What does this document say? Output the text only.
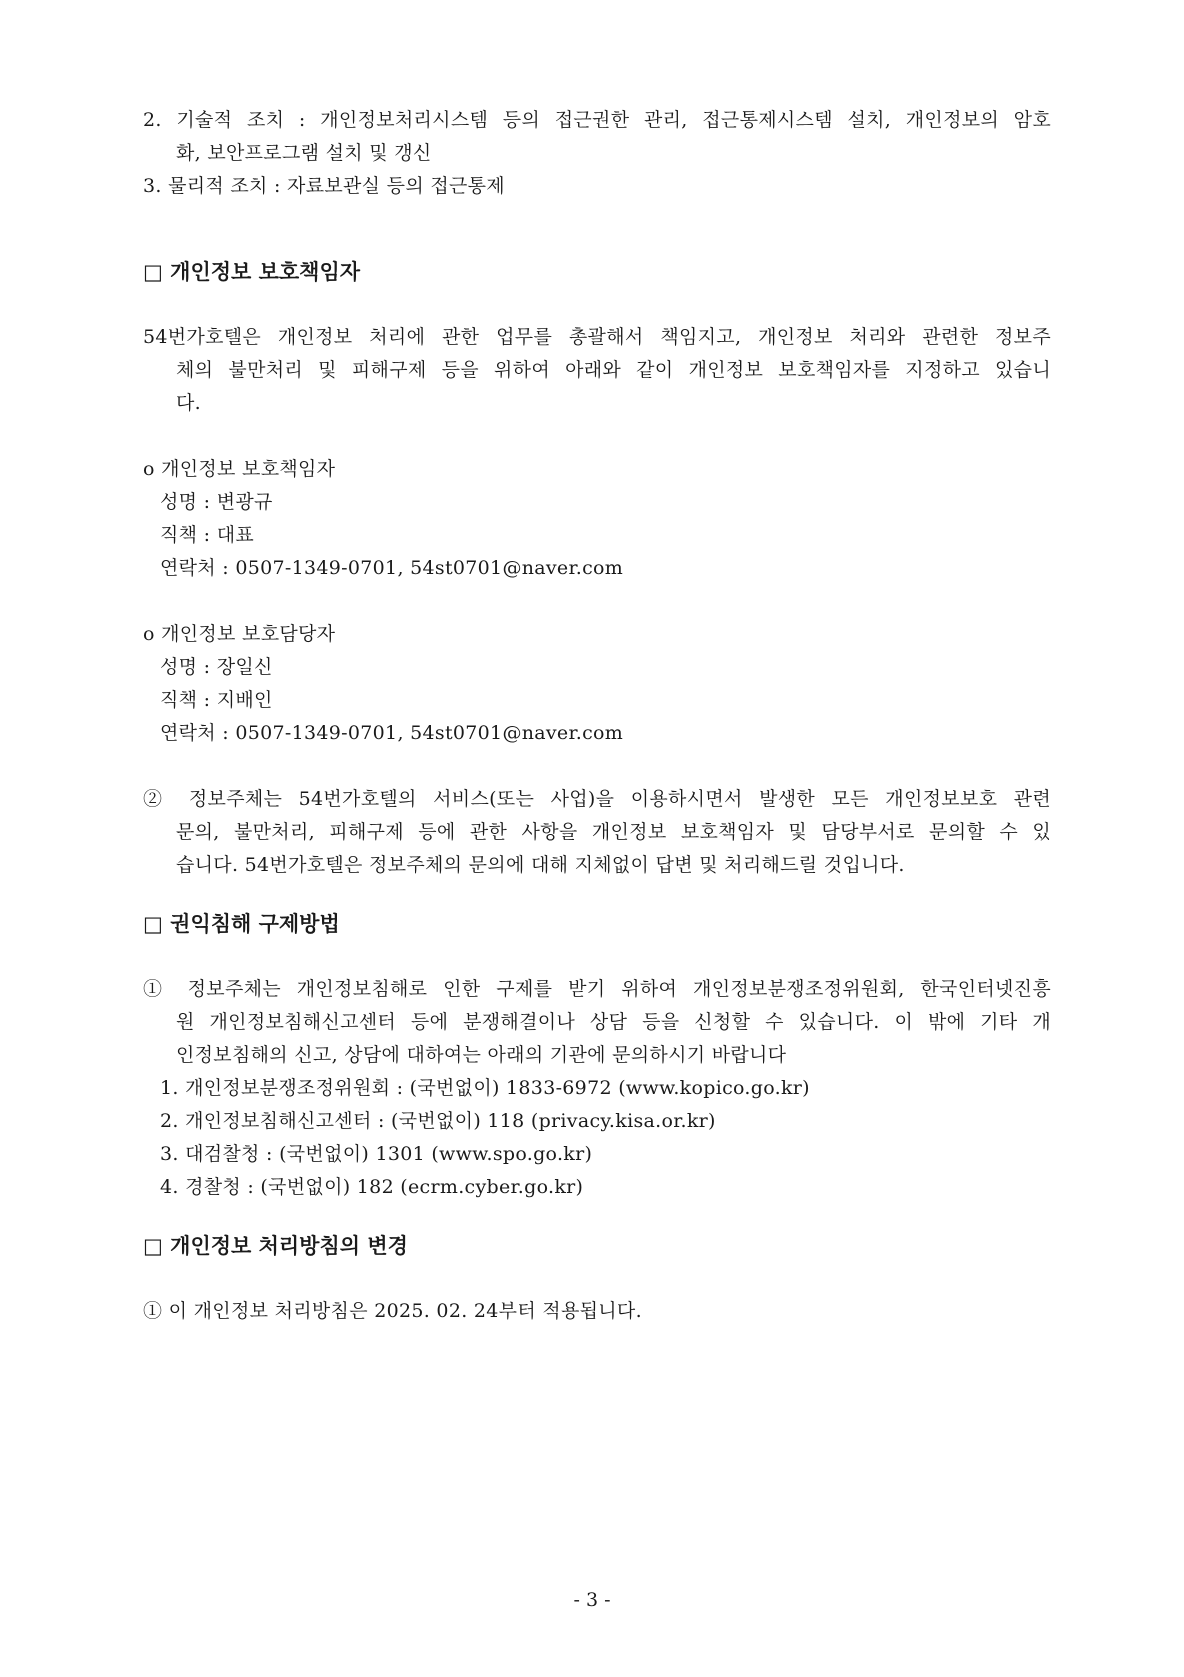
2. 기술적 조치 : 개인정보처리시스템 등의 접근권한 관리, 접근통제시스템 설치, 개인정보의 암호
화, 보안프로그램 설치 및 갱신
3. 물리적 조치 : 자료보관실 등의 접근통제
□ 개인정보 보호책임자
54번가호텔은 개인정보 처리에 관한 업무를 총괄해서 책임지고, 개인정보 처리와 관련한 정보주
체의 불만처리 및 피해구제 등을 위하여 아래와 같이 개인정보 보호책임자를 지정하고 있습니
다.
o 개인정보 보호책임자
성명 : 변광규
직책 : 대표
연락처 : 0507-1349-0701, 54st0701@naver.com
o 개인정보 보호담당자
성명 : 장일신
직책 : 지배인
연락처 : 0507-1349-0701, 54st0701@naver.com
② 정보주체는 54번가호텔의 서비스(또는 사업)을 이용하시면서 발생한 모든 개인정보보호 관련
문의, 불만처리, 피해구제 등에 관한 사항을 개인정보 보호책임자 및 담당부서로 문의할 수 있
습니다. 54번가호텔은 정보주체의 문의에 대해 지체없이 답변 및 처리해드릴 것입니다.
□ 권익침해 구제방법
① 정보주체는 개인정보침해로 인한 구제를 받기 위하여 개인정보분쟁조정위원회, 한국인터넷진흥
원 개인정보침해신고센터 등에 분쟁해결이나 상담 등을 신청할 수 있습니다. 이 밖에 기타 개
인정보침해의 신고, 상담에 대하여는 아래의 기관에 문의하시기 바랍니다
1. 개인정보분쟁조정위원회 : (국번없이) 1833-6972 (www.kopico.go.kr)
2. 개인정보침해신고센터 : (국번없이) 118 (privacy.kisa.or.kr)
3. 대검찰청 : (국번없이) 1301 (www.spo.go.kr)
4. 경찰청 : (국번없이) 182 (ecrm.cyber.go.kr)
□ 개인정보 처리방침의 변경
① 이 개인정보 처리방침은 2025. 02. 24부터 적용됩니다.
- 3 -
